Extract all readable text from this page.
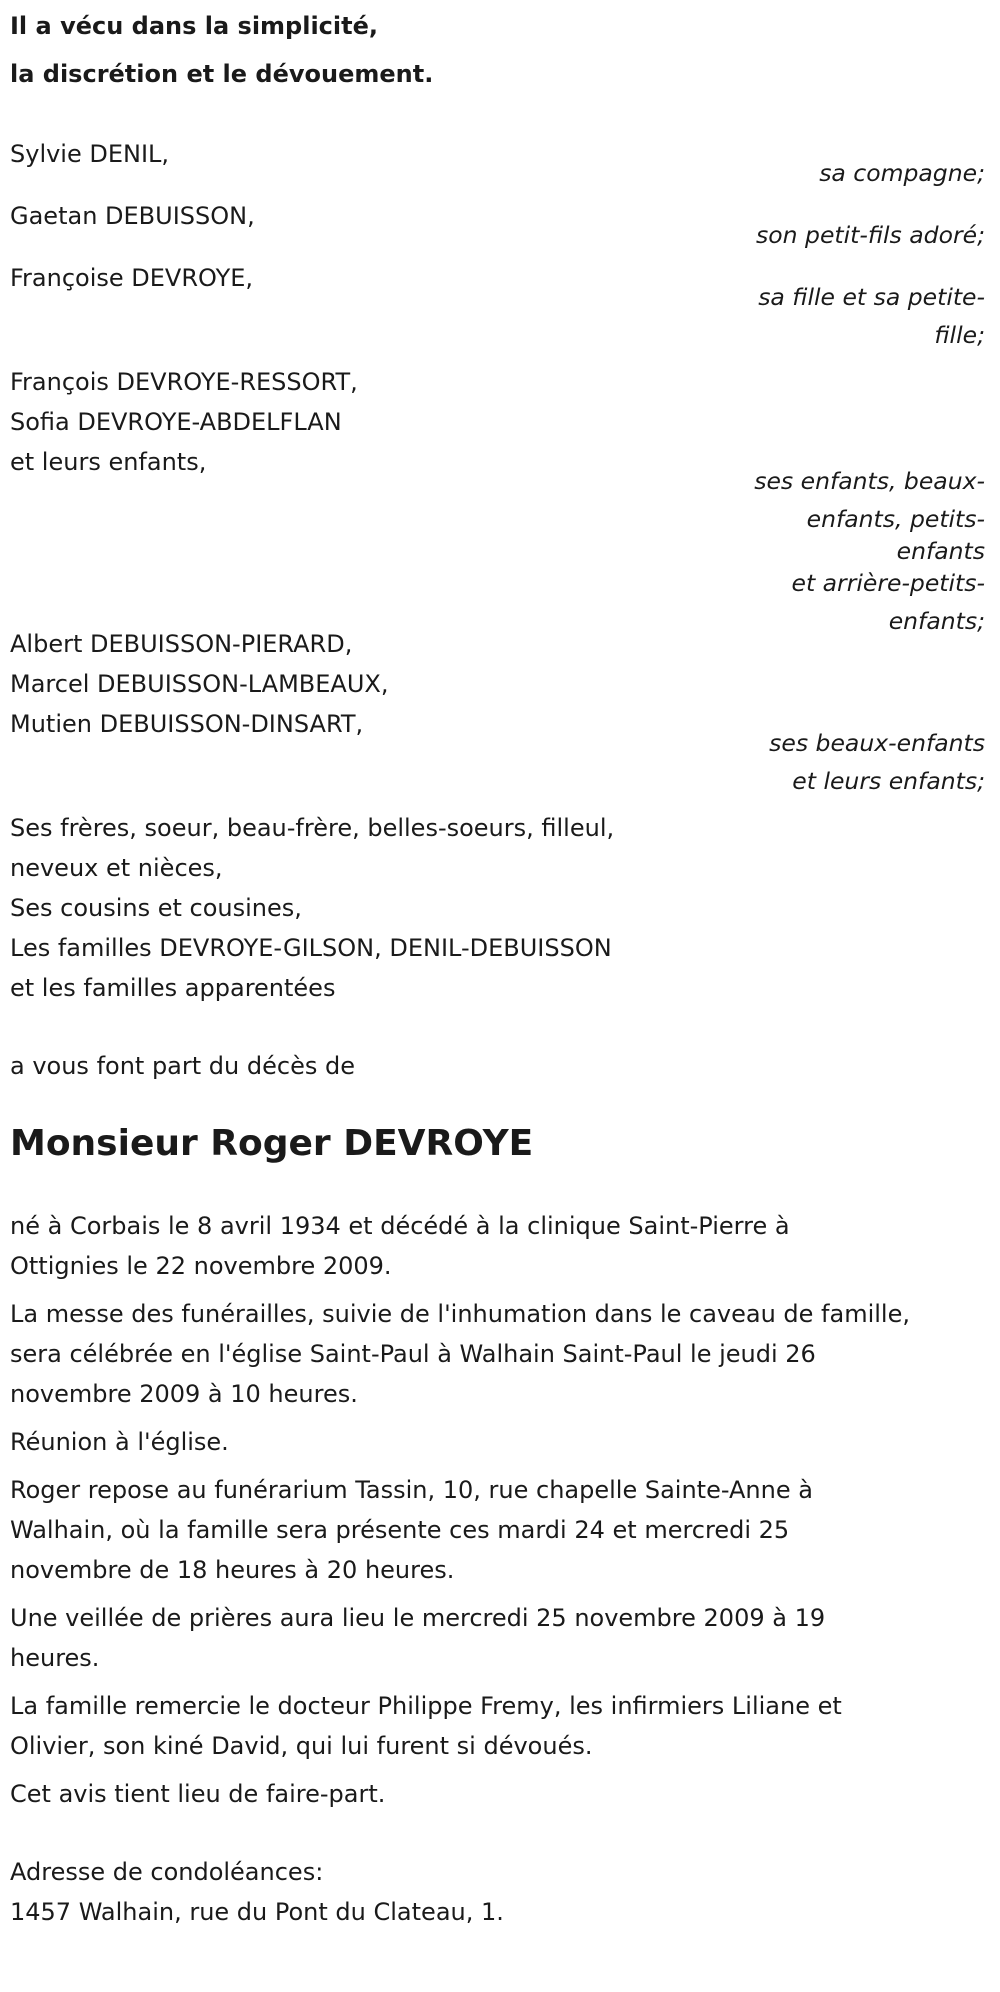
Il a vécu dans la simplicité,
la discrétion et le dévouement.
Sylvie DENIL,
sa compagne;
Gaetan DEBUISSON,
son petit-fils adoré;
Françoise DEVROYE,
sa fille et sa petite-
fille;
François DEVROYE-RESSORT,
Sofia DEVROYE-ABDELFLAN
et leurs enfants,
ses enfants, beaux-
enfants, petits-
enfants
et arrière-petits-
enfants;
Albert DEBUISSON-PIERARD,
Marcel DEBUISSON-LAMBEAUX,
Mutien DEBUISSON-DINSART,
ses beaux-enfants
et leurs enfants;
Ses frères, soeur, beau-frère, belles-soeurs, filleul,
neveux et nièces,
Ses cousins et cousines,
Les familles DEVROYE-GILSON, DENIL-DEBUISSON
et les familles apparentées
a vous font part du décès de
Monsieur Roger DEVROYE
né à Corbais le 8 avril 1934 et décédé à la clinique Saint-Pierre à
Ottignies le 22 novembre 2009.
La messe des funérailles, suivie de l'inhumation dans le caveau de famille,
sera célébrée en l'église Saint-Paul à Walhain Saint-Paul le jeudi 26
novembre 2009 à 10 heures.
Réunion à l'église.
Roger repose au funérarium Tassin, 10, rue chapelle Sainte-Anne à
Walhain, où la famille sera présente ces mardi 24 et mercredi 25
novembre de 18 heures à 20 heures.
Une veillée de prières aura lieu le mercredi 25 novembre 2009 à 19
heures.
La famille remercie le docteur Philippe Fremy, les infirmiers Liliane et
Olivier, son kiné David, qui lui furent si dévoués.
Cet avis tient lieu de faire-part.
Adresse de condoléances:
1457 Walhain, rue du Pont du Clateau, 1.
